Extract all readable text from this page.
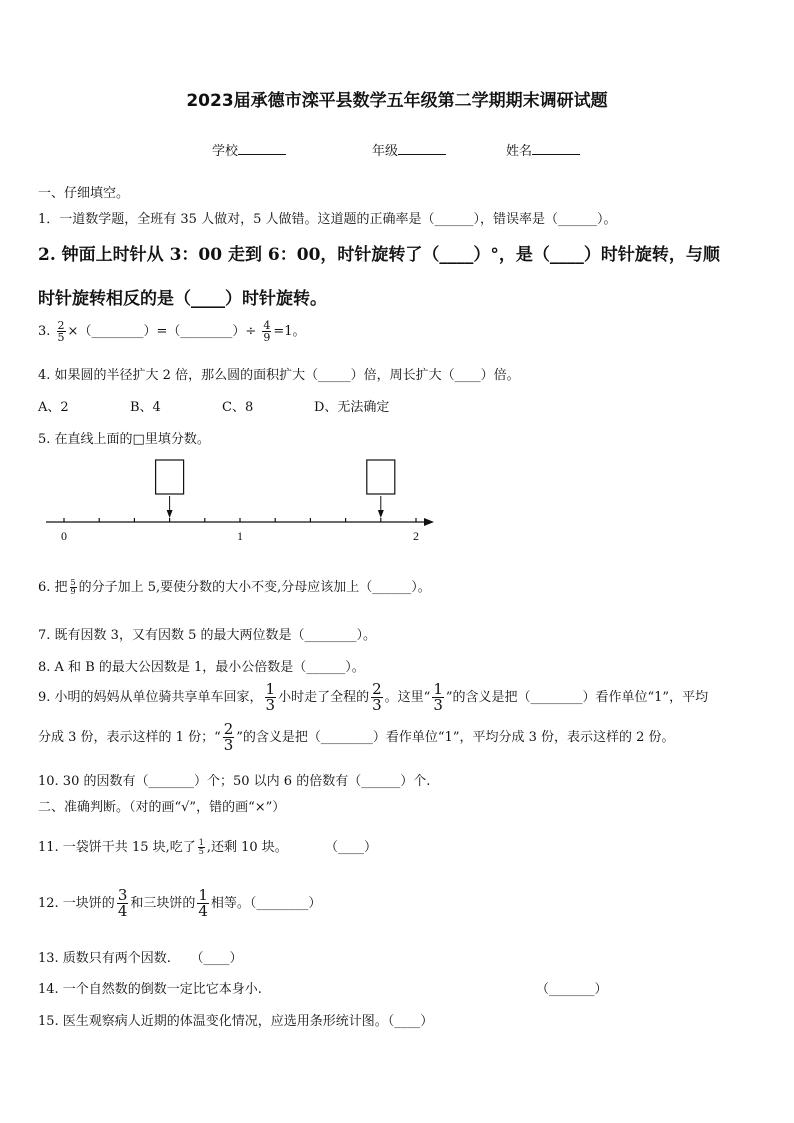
2023届承德市滦平县数学五年级第二学期期末调研试题
学校	年级	姓名
一、仔细填空。
1．一道数学题，全班有 35 人做对，5 人做错。这道题的正确率是（______），错误率是（______）。
2. 钟面上时针从 3：00 走到 6：00，时针旋转了（____）°，是（____）时针旋转，与顺
时针旋转相反的是（____）时针旋转。
3. $\frac{2}{5}$ ×（________）=（________）÷ $\frac{4}{9} =1$。
4. 如果圆的半径扩大 2 倍，那么圆的面积扩大（_____）倍，周长扩大（____）倍。
A、2	B、4	C、8	D、无法确定
5. 在直线上面的□里填分数。
0	1	2
6. 把 $\frac{5}{9}$ 的分子加上 5,要使分数的大小不变,分母应该加上（______）。
7. 既有因数 3，又有因数 5 的最大两位数是（________）。
8. A 和 B 的最大公因数是 1，最小公倍数是（______）。
9. 小明的妈妈从单位骑共享单车回家， $\frac{1}{3}$ 小时走了全程的 $\frac{2}{3}$ 。这里“ $\frac{1}{3}$ ”的含义是把（________）看作单位“1”，平均
分成 3 份，表示这样的 1 份；“ $\frac{2}{3}$ ”的含义是把（________）看作单位“1”，平均分成 3 份，表示这样的 2 份。
10. 30 的因数有（_______）个；50 以内 6 的倍数有（______）个.
二、准确判断。（对的画“√”，错的画“×”）
11. 一袋饼干共 15 块,吃了 $\frac{1}{5}$ ,还剩 10 块。	（____）
12. 一块饼的 $\frac{3}{4}$ 和三块饼的 $\frac{1}{4}$ 相等。（________）
13. 质数只有两个因数.　　（____）
14. 一个自然数的倒数一定比它本身小.	（_______）
15. 医生观察病人近期的体温变化情况，应选用条形统计图。（____）
